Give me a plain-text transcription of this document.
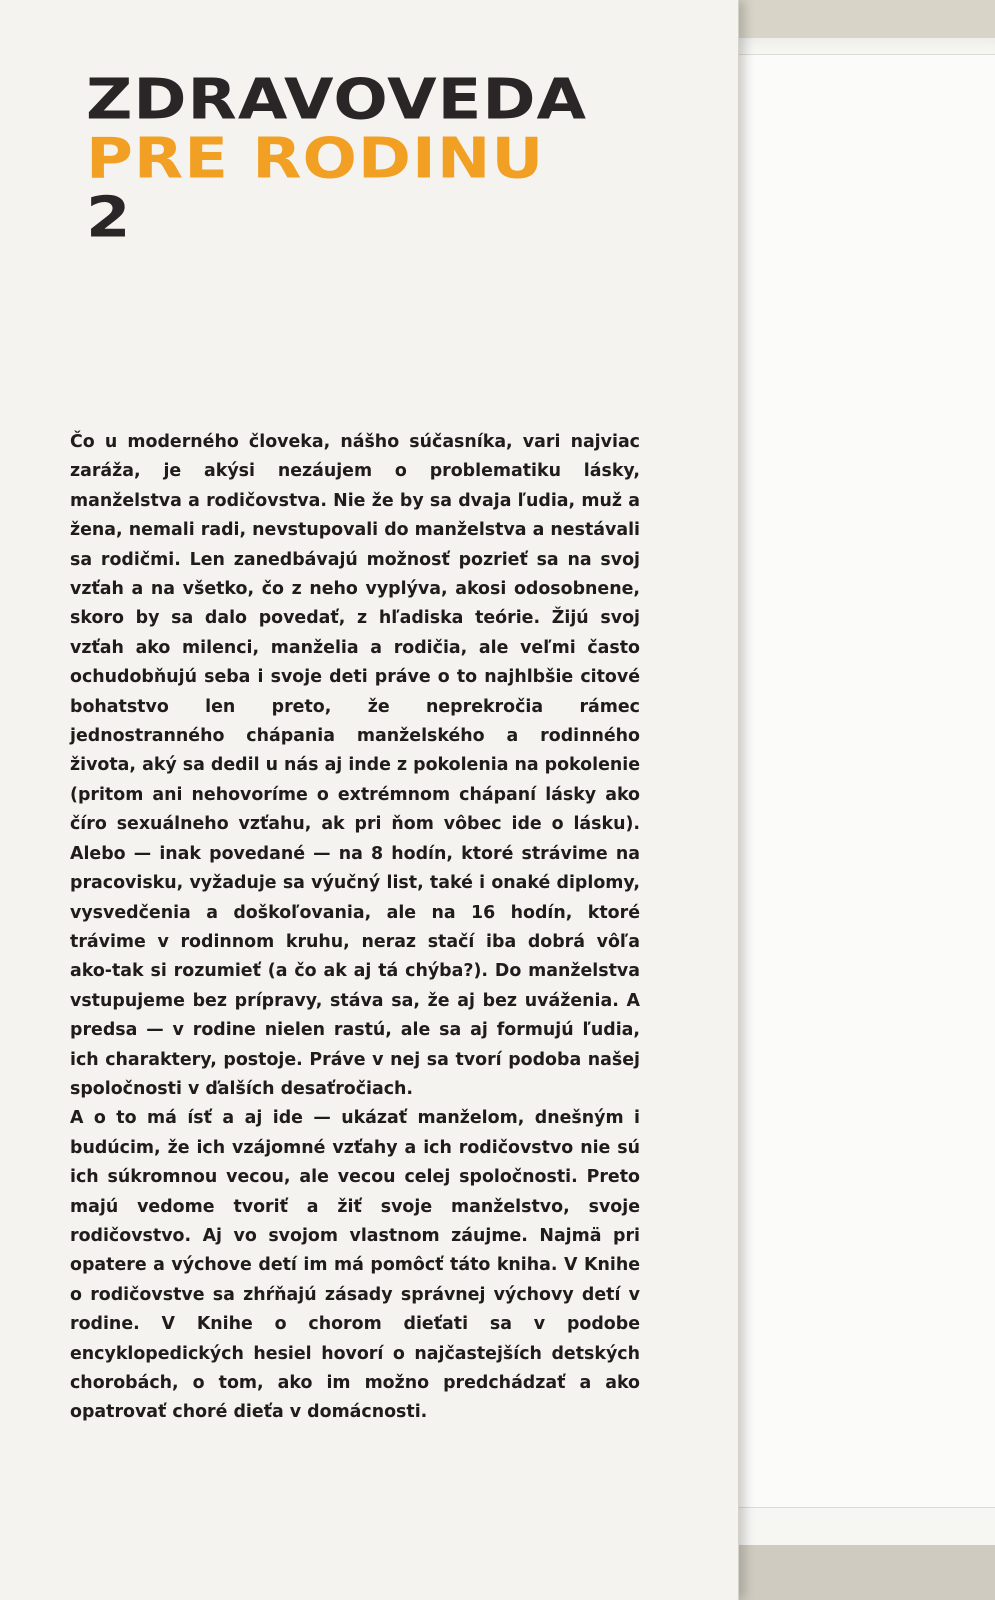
ZDRAVOVEDA
PRE RODINU
2

Čo u moderného človeka, nášho súčasníka, vari najviac zaráža, je akýsi nezáujem o problematiku lásky, manželstva a rodičovstva. Nie že by sa dvaja ľudia, muž a žena, nemali radi, nevstupovali do manželstva a nestávali sa rodičmi. Len zanedbávajú možnosť pozrieť sa na svoj vzťah a na všetko, čo z neho vyplýva, akosi odosobnene, skoro by sa dalo povedať, z hľadiska teórie. Žijú svoj vzťah ako milenci, manželia a rodičia, ale veľmi často ochudobňujú seba i svoje deti práve o to najhlbšie citové bohatstvo len preto, že neprekročia rámec jednostranného chápania manželského a rodinného života, aký sa dedil u nás aj inde z pokolenia na pokolenie (pritom ani nehovoríme o extrémnom chápaní lásky ako číro sexuálneho vzťahu, ak pri ňom vôbec ide o lásku). Alebo — inak povedané — na 8 hodín, ktoré strávime na pracovisku, vyžaduje sa výučný list, také i onaké diplomy, vysvedčenia a doškoľovania, ale na 16 hodín, ktoré trávime v rodinnom kruhu, neraz stačí iba dobrá vôľa ako-tak si rozumieť (a čo ak aj tá chýba?). Do manželstva vstupujeme bez prípravy, stáva sa, že aj bez uváženia. A predsa — v rodine nielen rastú, ale sa aj formujú ľudia, ich charaktery, postoje. Práve v nej sa tvorí podoba našej spoločnosti v ďalších desaťročiach.

A o to má ísť a aj ide — ukázať manželom, dnešným i budúcim, že ich vzájomné vzťahy a ich rodičovstvo nie sú ich súkromnou vecou, ale vecou celej spoločnosti. Preto majú vedome tvoriť a žiť svoje manželstvo, svoje rodičovstvo. Aj vo svojom vlastnom záujme. Najmä pri opatere a výchove detí im má pomôcť táto kniha. V Knihe o rodičovstve sa zhŕňajú zásady správnej výchovy detí v rodine. V Knihe o chorom dieťati sa v podobe encyklopedických hesiel hovorí o najčastejších detských chorobách, o tom, ako im možno predchádzať a ako opatrovať choré dieťa v domácnosti.
